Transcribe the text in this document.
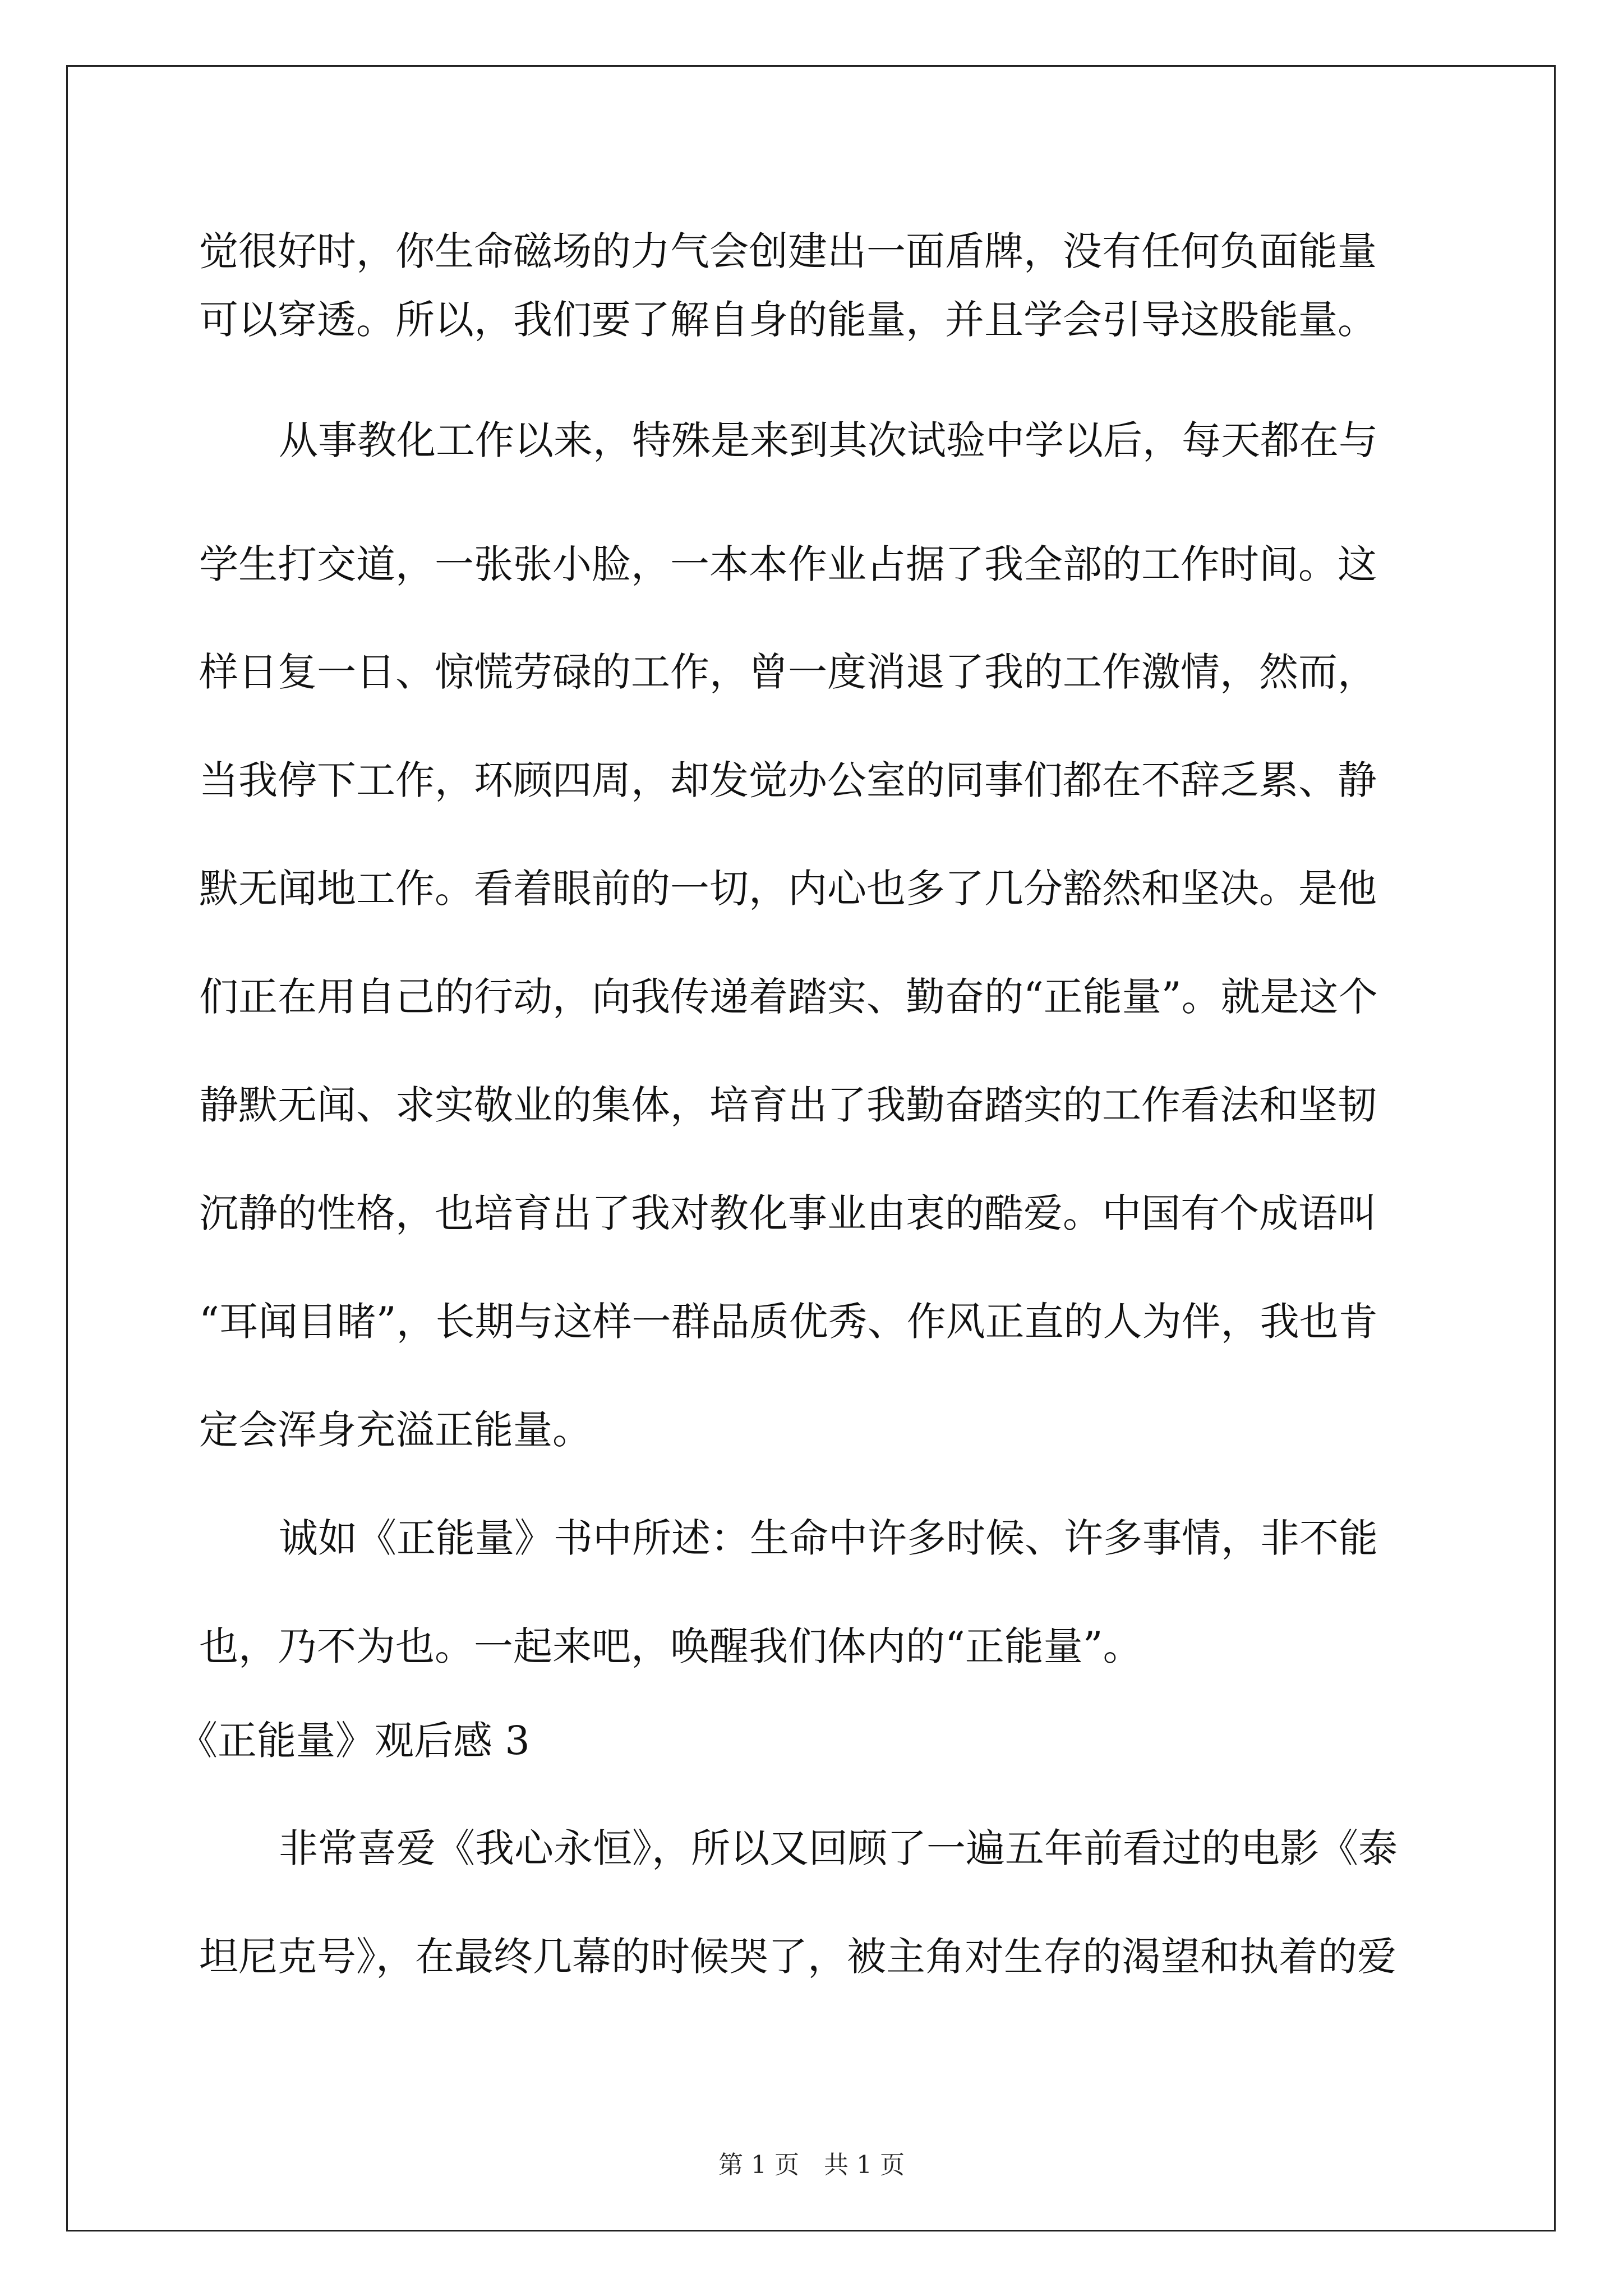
觉很好时，你生命磁场的力气会创建出一面盾牌，没有任何负面能量
可以穿透。所以，我们要了解自身的能量，并且学会引导这股能量。
从事教化工作以来，特殊是来到其次试验中学以后，每天都在与
学生打交道，一张张小脸，一本本作业占据了我全部的工作时间。这
样日复一日、惊慌劳碌的工作，曾一度消退了我的工作激情，然而，
当我停下工作，环顾四周，却发觉办公室的同事们都在不辞乏累、静
默无闻地工作。看着眼前的一切，内心也多了几分豁然和坚决。是他
们正在用自己的行动，向我传递着踏实、勤奋的“正能量”。就是这个
静默无闻、求实敬业的集体，培育出了我勤奋踏实的工作看法和坚韧
沉静的性格，也培育出了我对教化事业由衷的酷爱。中国有个成语叫
“耳闻目睹”，长期与这样一群品质优秀、作风正直的人为伴，我也肯
定会浑身充溢正能量。
诚如《正能量》书中所述：生命中许多时候、许多事情，非不能
也，乃不为也。一起来吧，唤醒我们体内的“正能量”。
《正能量》观后感 3
非常喜爱《我心永恒》，所以又回顾了一遍五年前看过的电影《泰
坦尼克号》，在最终几幕的时候哭了，被主角对生存的渴望和执着的爱
第 1 页　共 1 页
